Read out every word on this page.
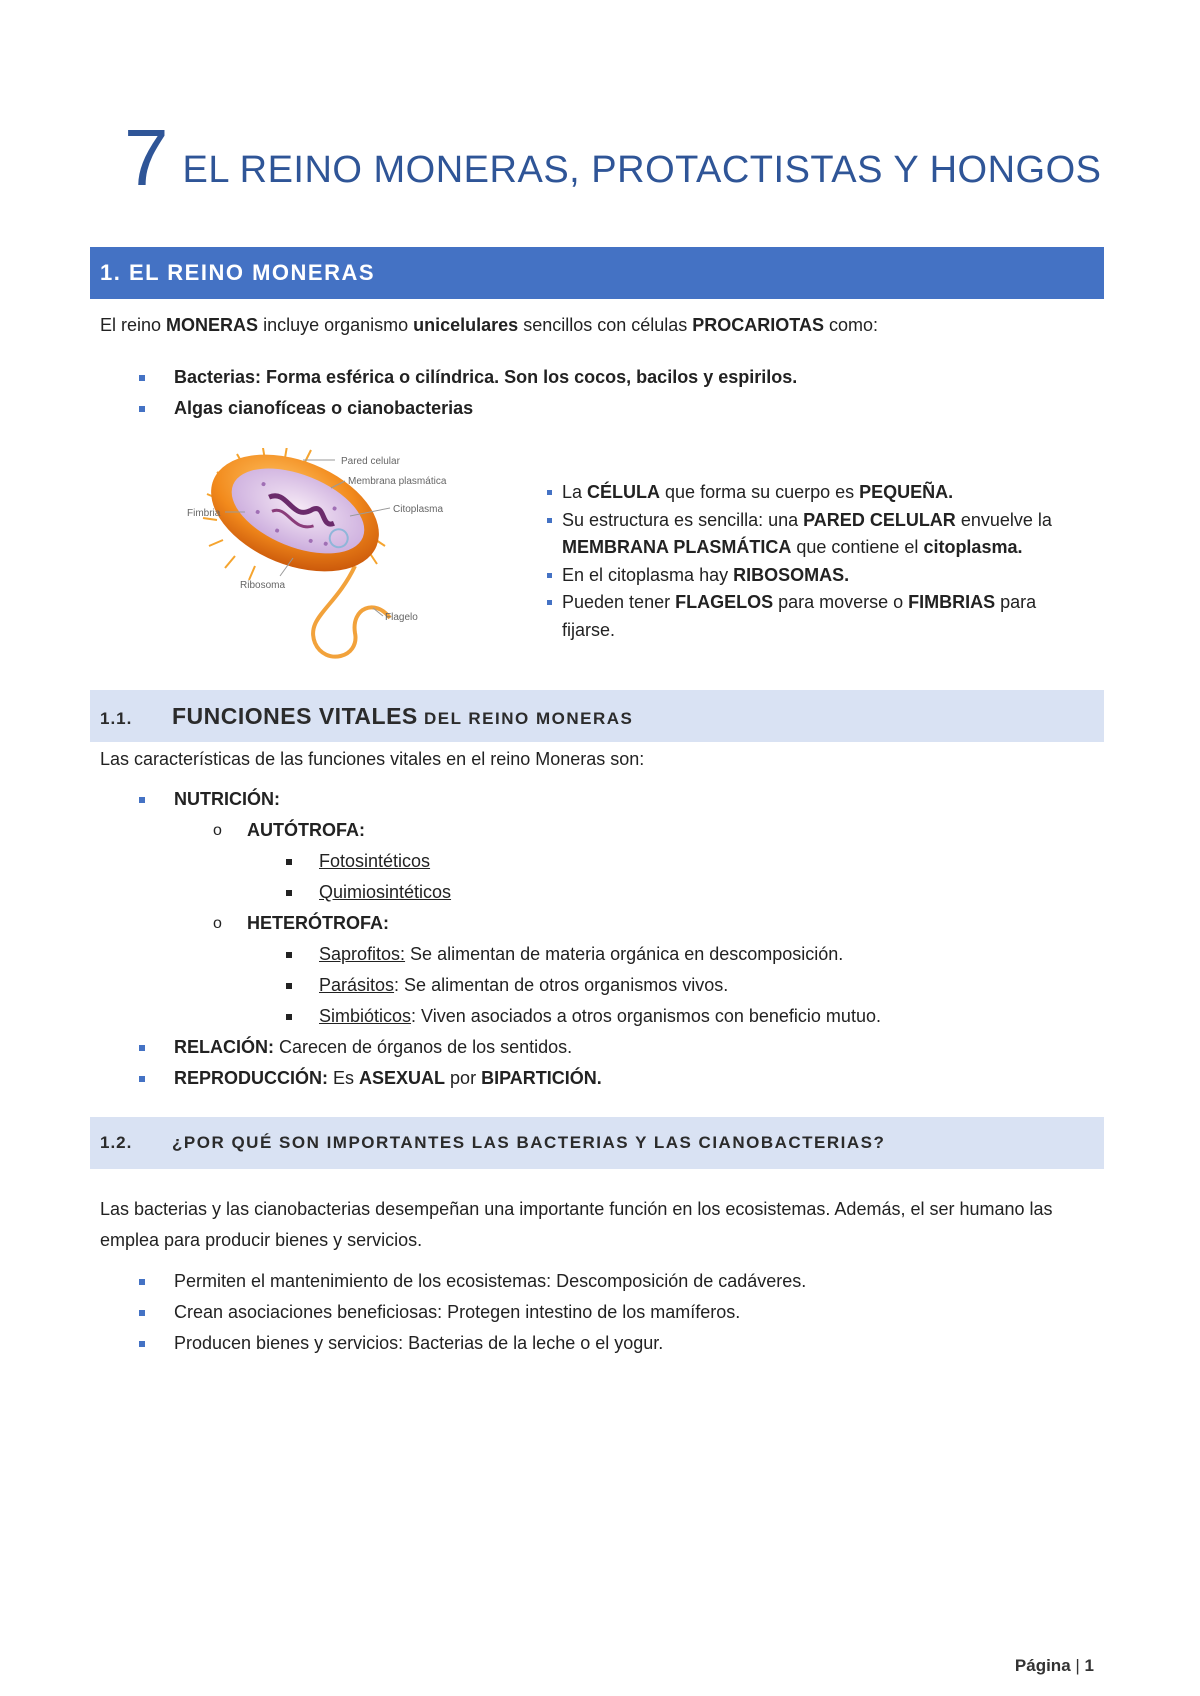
7 EL REINO MONERAS, PROTACTISTAS Y HONGOS
1. EL REINO MONERAS
El reino MONERAS incluye organismo unicelulares sencillos con células PROCARIOTAS como:
Bacterias: Forma esférica o cilíndrica. Son los cocos, bacilos y espirilos.
Algas cianofíceas o cianobacterias
Pared celular
Membrana plasmática
Citoplasma
Fimbria
Ribosoma
Flagelo
La CÉLULA que forma su cuerpo es PEQUEÑA.
Su estructura es sencilla: una PARED CELULAR envuelve la MEMBRANA PLASMÁTICA que contiene el citoplasma.
En el citoplasma hay RIBOSOMAS.
Pueden tener FLAGELOS para moverse o FIMBRIAS para fijarse.
1.1. FUNCIONES VITALES DEL REINO MONERAS
Las características de las funciones vitales en el reino Moneras son:
NUTRICIÓN:
o AUTÓTROFA:
Fotosintéticos
Quimiosintéticos
o HETERÓTROFA:
Saprofitos: Se alimentan de materia orgánica en descomposición.
Parásitos: Se alimentan de otros organismos vivos.
Simbióticos: Viven asociados a otros organismos con beneficio mutuo.
RELACIÓN: Carecen de órganos de los sentidos.
REPRODUCCIÓN: Es ASEXUAL por BIPARTICIÓN.
1.2. ¿POR QUÉ SON IMPORTANTES LAS BACTERIAS Y LAS CIANOBACTERIAS?
Las bacterias y las cianobacterias desempeñan una importante función en los ecosistemas. Además, el ser humano las emplea para producir bienes y servicios.
Permiten el mantenimiento de los ecosistemas: Descomposición de cadáveres.
Crean asociaciones beneficiosas: Protegen intestino de los mamíferos.
Producen bienes y servicios: Bacterias de la leche o el yogur.
Página | 1
